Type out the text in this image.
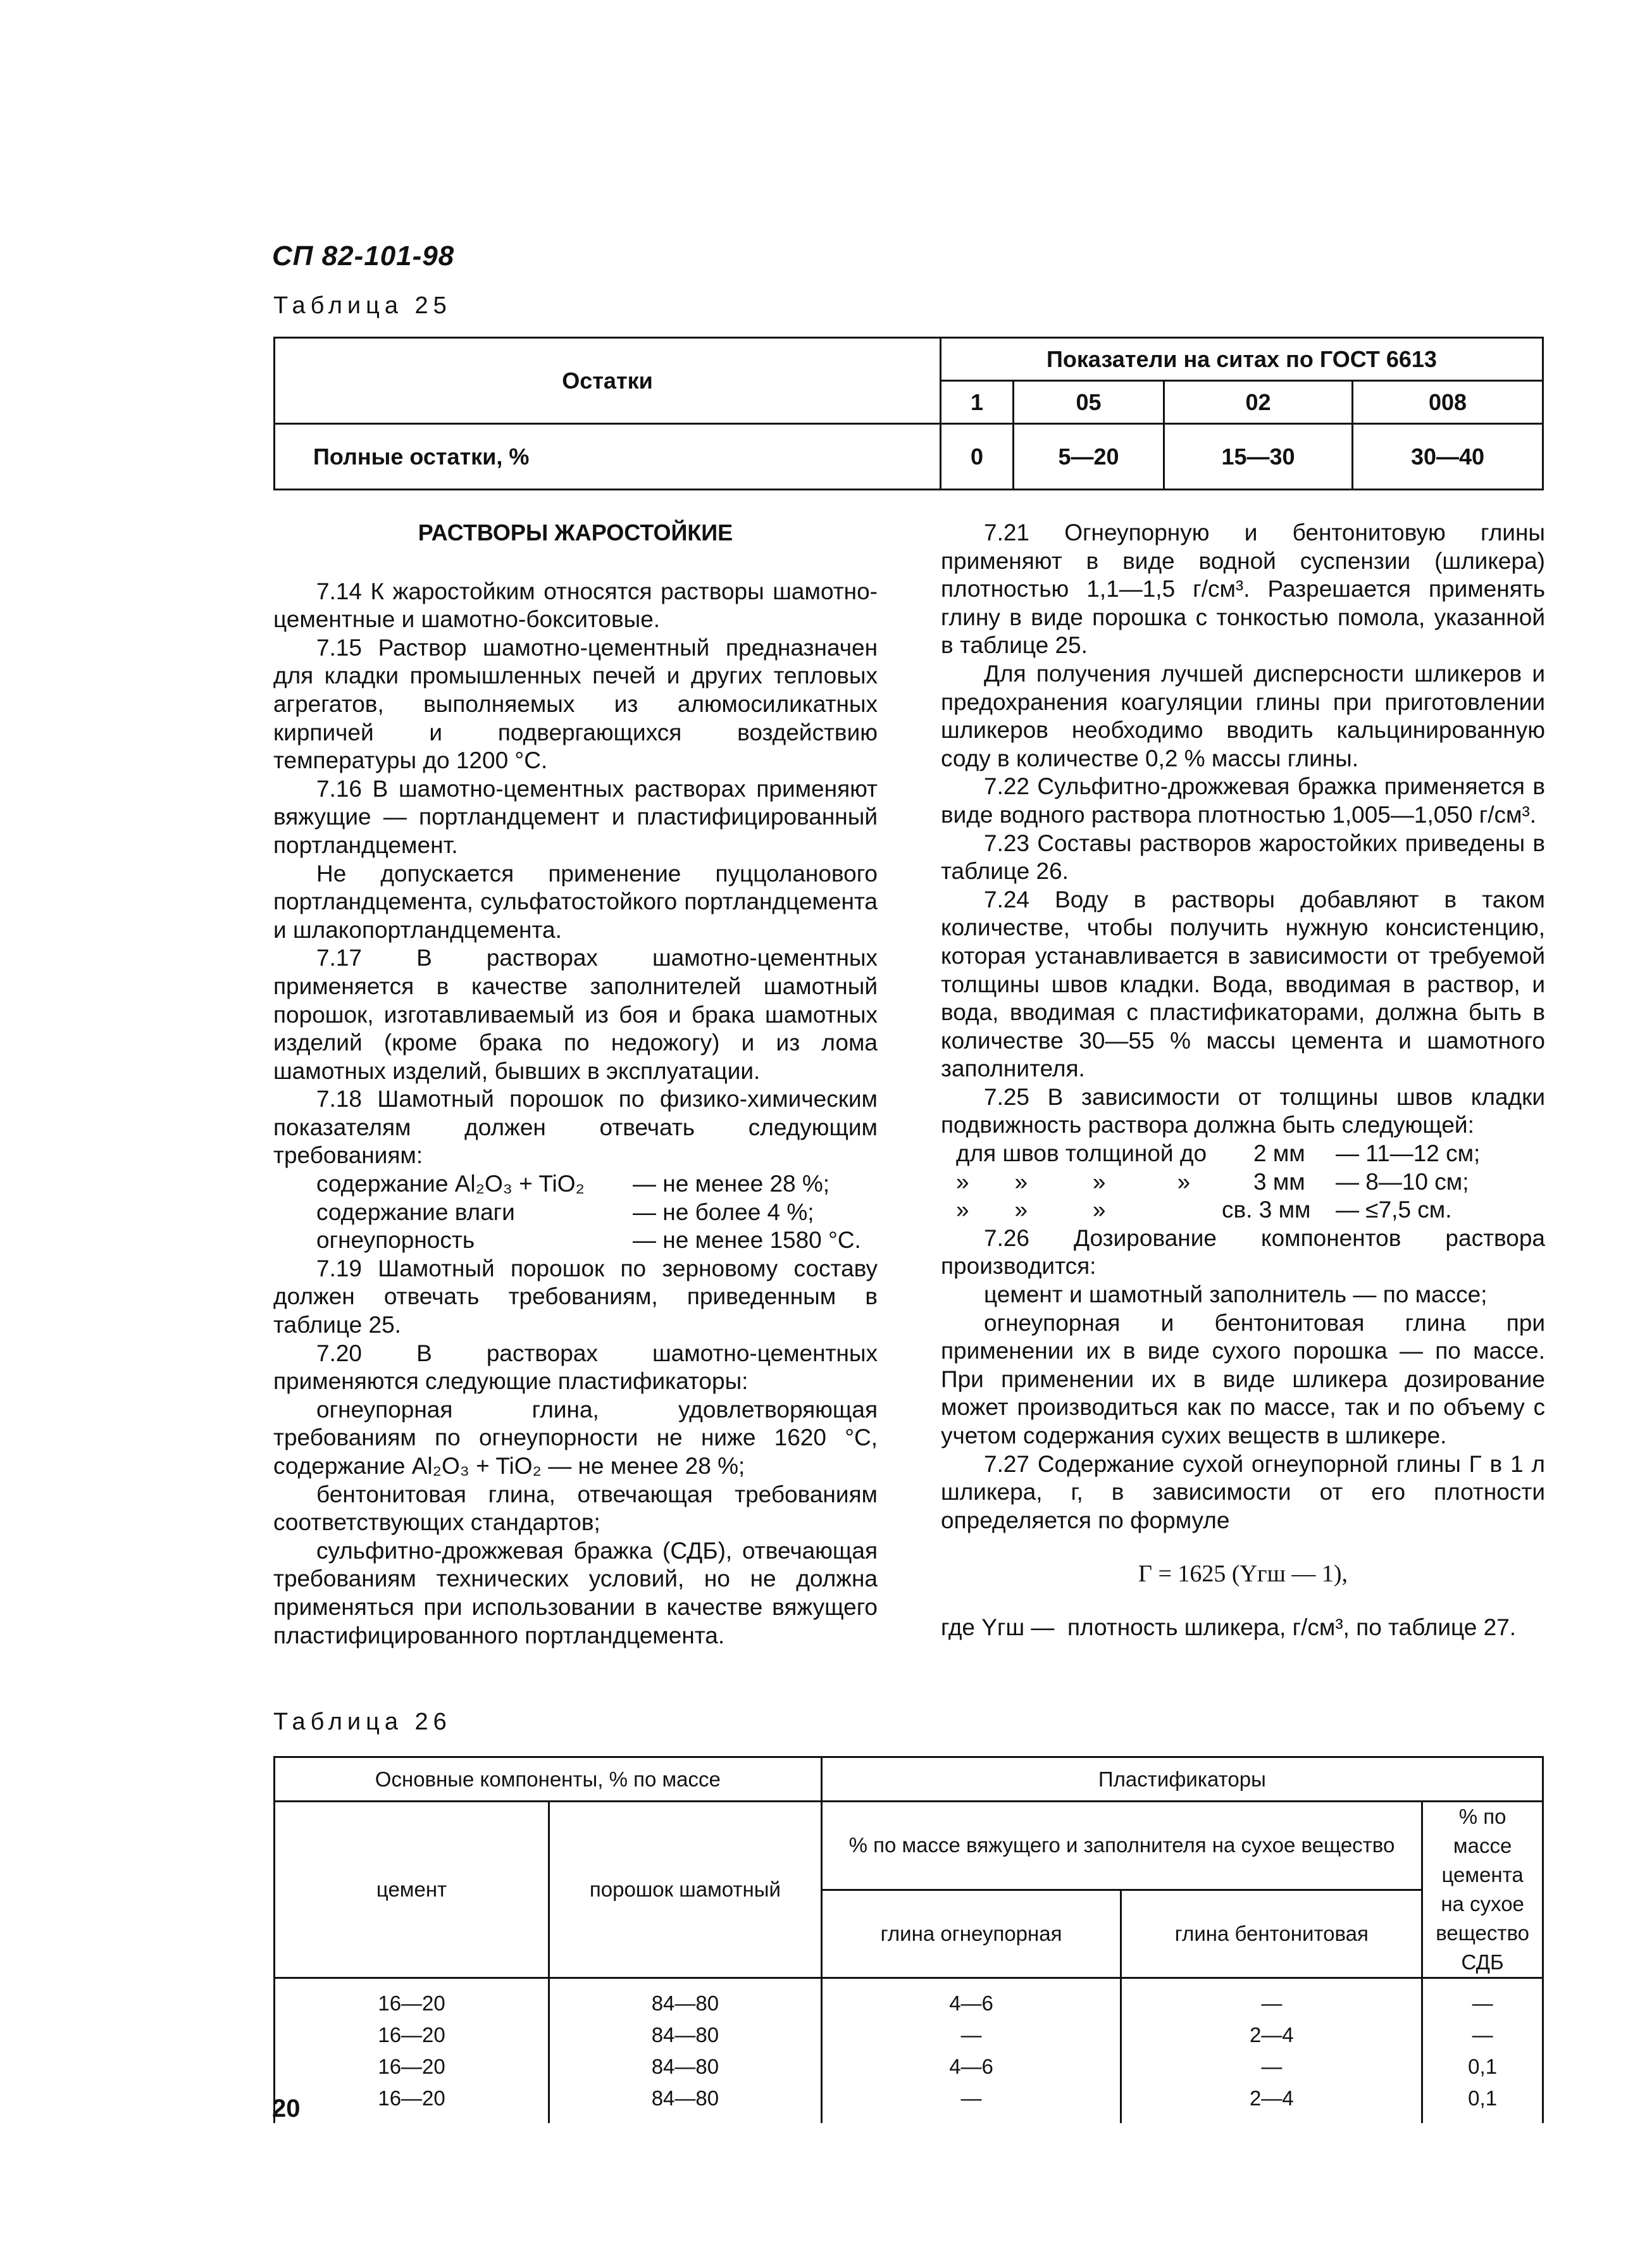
СП 82-101-98
Таблица 25
Остатки	Показатели на ситах по ГОСТ 6613			
	1	05	02	008
Полные остатки, %	0	5—20	15—30	30—40
РАСТВОРЫ ЖАРОСТОЙКИЕ

7.14 К жаростойким относятся растворы шамотно-цементные и шамотно-бокситовые.

7.15 Раствор шамотно-цементный предназначен для кладки промышленных печей и других тепловых агрегатов, выполняемых из алюмосиликатных кирпичей и подвергающихся воздействию температуры до 1200 °С.

7.16 В шамотно-цементных растворах применяют вяжущие — портландцемент и пластифицированный портландцемент.

Не допускается применение пуццоланового портландцемента, сульфатостойкого портландцемента и шлакопортландцемента.

7.17 В растворах шамотно-цементных применяется в качестве заполнителей шамотный порошок, изготавливаемый из боя и брака шамотных изделий (кроме брака по недожогу) и из лома шамотных изделий, бывших в эксплуатации.

7.18 Шамотный порошок по физико-химическим показателям должен отвечать следующим требованиям:

содержание Al₂O₃ + TiO₂	— не менее 28 %;
содержание влаги	— не более 4 %;
огнеупорность	— не менее 1580 °С.

7.19 Шамотный порошок по зерновому составу должен отвечать требованиям, приведенным в таблице 25.

7.20 В растворах шамотно-цементных применяются следующие пластификаторы:

огнеупорная глина, удовлетворяющая требованиям по огнеупорности не ниже 1620 °С, содержание Al₂O₃ + TiO₂ — не менее 28 %;

бентонитовая глина, отвечающая требованиям соответствующих стандартов;

сульфитно-дрожжевая бражка (СДБ), отвечающая требованиям технических условий, но не должна применяться при использовании в качестве вяжущего пластифицированного портландцемента.

7.21 Огнеупорную и бентонитовую глины применяют в виде водной суспензии (шликера) плотностью 1,1—1,5 г/см³. Разрешается применять глину в виде порошка с тонкостью помола, указанной в таблице 25.

Для получения лучшей дисперсности шликеров и предохранения коагуляции глины при приготовлении шликеров необходимо вводить кальцинированную соду в количестве 0,2 % массы глины.

7.22 Сульфитно-дрожжевая бражка применяется в виде водного раствора плотностью 1,005—1,050 г/см³.

7.23 Составы растворов жаростойких приведены в таблице 26.

7.24 Воду в растворы добавляют в таком количестве, чтобы получить нужную консистенцию, которая устанавливается в зависимости от требуемой толщины швов кладки. Вода, вводимая в раствор, и вода, вводимая с пластификаторами, должна быть в количестве 30—55 % массы цемента и шамотного заполнителя.

7.25 В зависимости от толщины швов кладки подвижность раствора должна быть следующей:

для швов толщиной до	2 мм	— 11—12 см;
»       »          »           »	3 мм	— 8—10 см;
»       »          »	св. 3 мм	— ≤7,5 см.

7.26 Дозирование компонентов раствора производится:

цемент и шамотный заполнитель — по массе;

огнеупорная и бентонитовая глина при применении их в виде сухого порошка — по массе. При применении их в виде шликера дозирование может производиться как по массе, так и по объему с учетом содержания сухих веществ в шликере.

7.27 Содержание сухой огнеупорной глины Г в 1 л шликера, г, в зависимости от его плотности определяется по формуле

Г = 1625 (Yгш — 1),
где Yгш — плотность шликера, г/см³, по таблице 27.
Таблица 26
Основные компоненты, % по массе		Пластификаторы		
цемент	порошок шамотный	% по массе вяжущего и заполнителя на сухое вещество		% по массе цемента на сухое вещество СДБ
		глина огнеупорная	глина бентонитовая	
16—20	84—80	4—6	—	—
16—20	84—80	—	2—4	—
16—20	84—80	4—6	—	0,1
16—20	84—80	—	2—4	0,1
20
